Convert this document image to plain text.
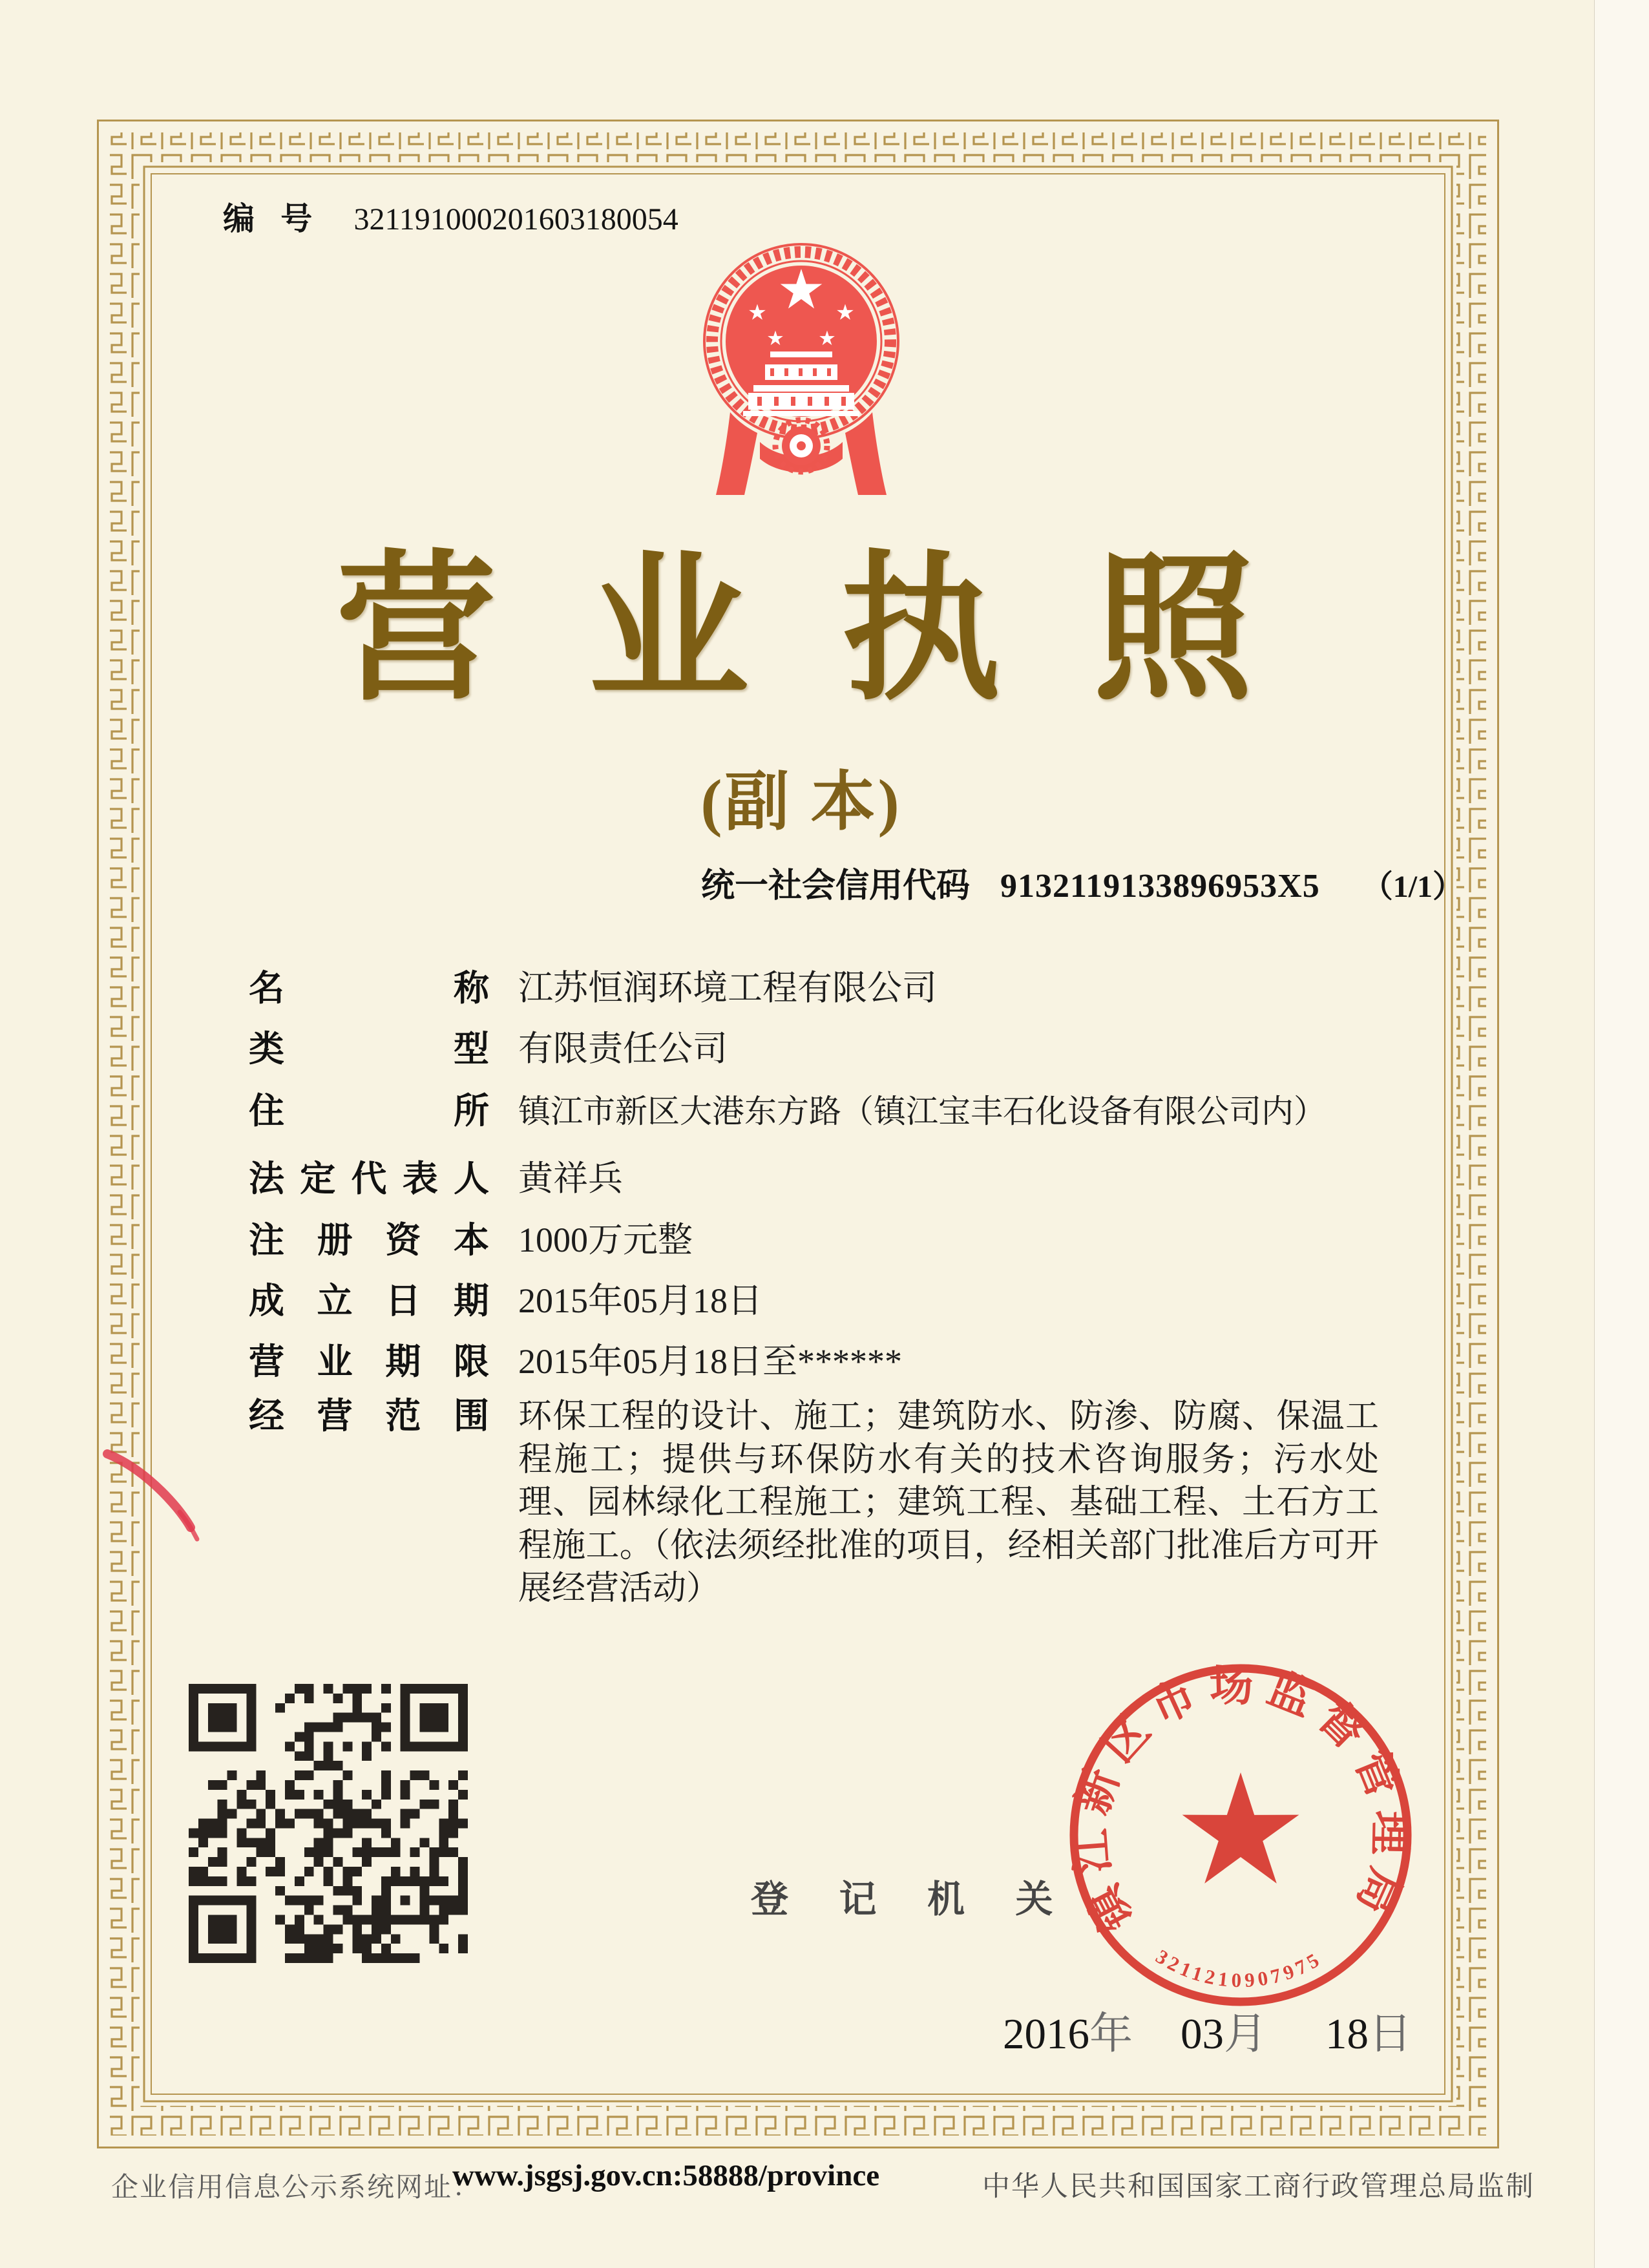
编 号 321191000201603180054
营 业 执 照
(副 本)
统一社会信用代码 9132119133896953X5 （1/1）
名 称 江苏恒润环境工程有限公司
类 型 有限责任公司
住 所 镇江市新区大港东方路（镇江宝丰石化设备有限公司内）
法定代表人 黄祥兵
注 册 资 本 1000万元整
成 立 日 期 2015年05月18日
营 业 期 限 2015年05月18日至******
经 营 范 围 环保工程的设计、施工；建筑防水、防渗、防腐、保温工程施工；提供与环保防水有关的技术咨询服务；污水处理、园林绿化工程施工；建筑工程、基础工程、土石方工程施工。（依法须经批准的项目，经相关部门批准后方可开展经营活动）
登 记 机 关 镇江新区市场监督管理局
3211210907975
2016年 03月 18日
企业信用信息公示系统网址：
www.jsgsj.gov.cn:58888/province	中华人民共和国国家工商行政管理总局监制
